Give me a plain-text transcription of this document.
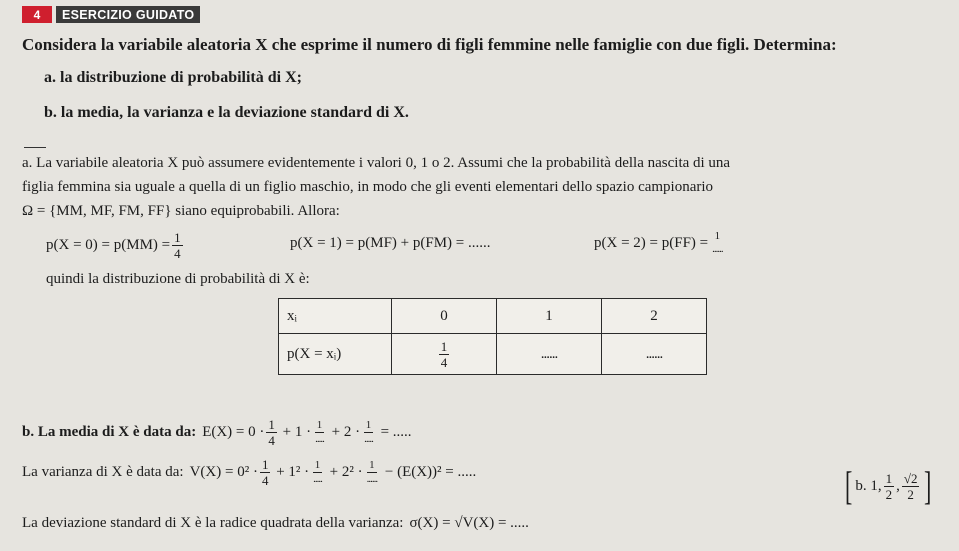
4	ESERCIZIO GUIDATO
Considera la variabile aleatoria X che esprime il numero di figli femmine nelle famiglie con due figli. Determina:
a. la distribuzione di probabilità di X;
b. la media, la varianza e la deviazione standard di X.
a. La variabile aleatoria X può assumere evidentemente i valori 0, 1 o 2. Assumi che la probabilità della nascita di una
figlia femmina sia uguale a quella di un figlio maschio, in modo che gli eventi elementari dello spazio campionario
Ω = {MM, MF, FM, FF} siano equiprobabili. Allora:
$p(X = 0) = p(MM) = \frac{1}{4}$	p(X = 1) = p(MF) + p(FM) = ......	p(X = 2) = p(FF) = 1
......
quindi la distribuzione di probabilità di X è:
xᵢ	0	1	2
p(X = xᵢ)	$\frac{1}{4}$	......	......
b. La media di X è data da: $E(X) = 0 \cdot \frac{1}{4} + 1 \cdot \frac{1}{.....} + 2 \cdot \frac{1}{.....}$ = .....
La varianza di X è data da: $V(X) = 0^2 \cdot \frac{1}{4} + 1^2 \cdot \frac{1}{.....} + 2^2 \cdot \frac{1}{......} - (E(X))^2$ = .....
La deviazione standard di X è la radice quadrata della varianza: σ(X) = √V(X) = .....
[ b. 1, $\frac{1}{2}$ , $\frac{√2}{2}$ ]
